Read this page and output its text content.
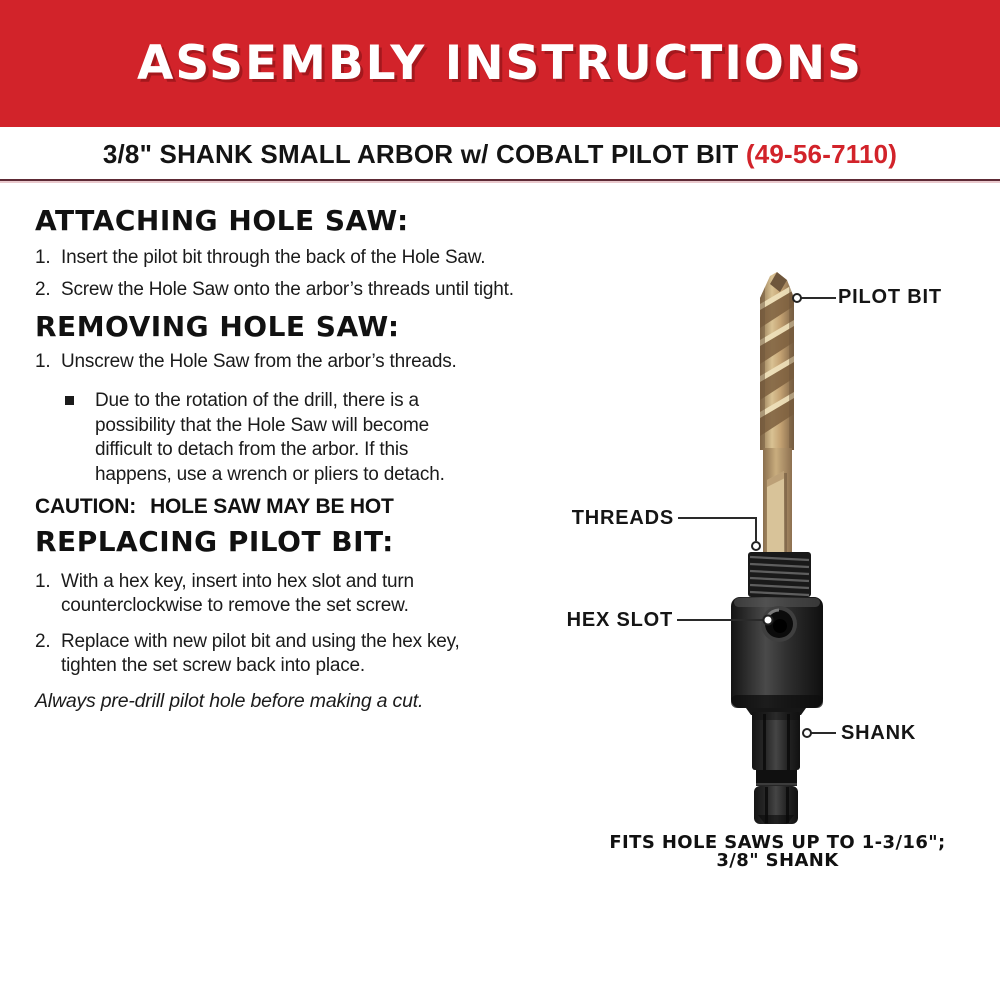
ASSEMBLY INSTRUCTIONS
3/8" SHANK SMALL ARBOR w/ COBALT PILOT BIT (49-56-7110)
ATTACHING HOLE SAW:
1. Insert the pilot bit through the back of the Hole Saw.
2. Screw the Hole Saw onto the arbor’s threads until tight.
REMOVING HOLE SAW:
1. Unscrew the Hole Saw from the arbor’s threads.
Due to the rotation of the drill, there is a
possibility that the Hole Saw will become
difficult to detach from the arbor. If this
happens, use a wrench or pliers to detach.
CAUTION: HOLE SAW MAY BE HOT
REPLACING PILOT BIT:
1. With a hex key, insert into hex slot and turn
counterclockwise to remove the set screw.
2. Replace with new pilot bit and using the hex key,
tighten the set screw back into place.
Always pre-drill pilot hole before making a cut.
PILOT BIT
THREADS
HEX SLOT
SHANK
FITS HOLE SAWS UP TO 1-3/16";
3/8" SHANK
